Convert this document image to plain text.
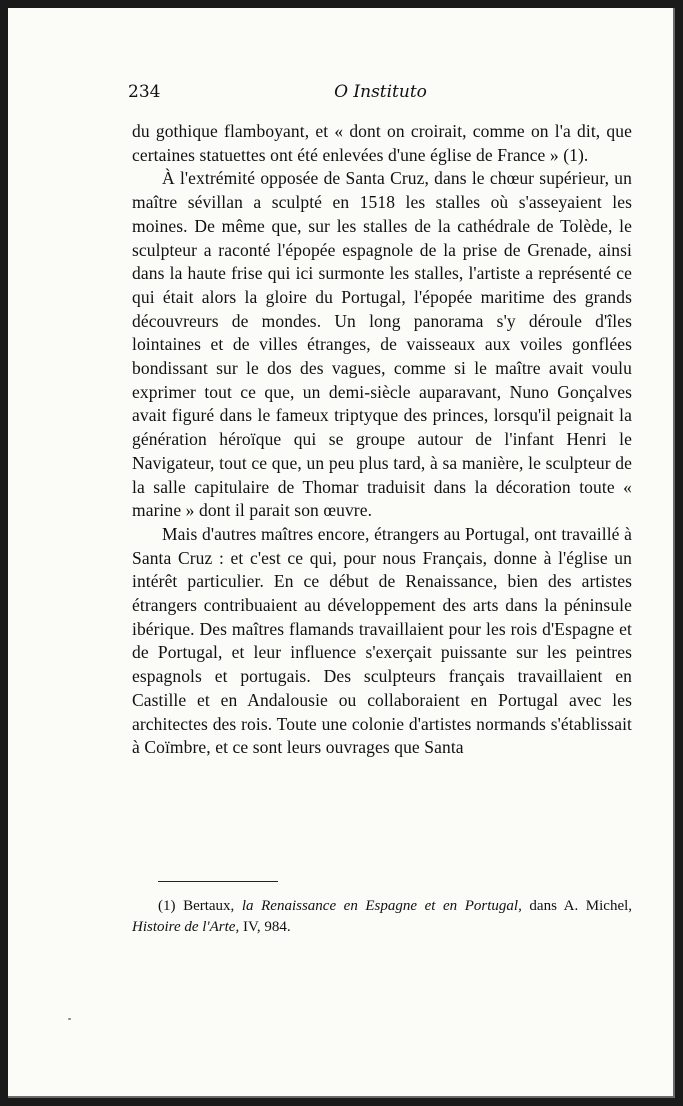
234	O Instituto

du gothique flamboyant, et « dont on croirait, comme on l'a dit, que certaines statuettes ont été enlevées d'une église de France » (1).

À l'extrémité opposée de Santa Cruz, dans le chœur supérieur, un maître sévillan a sculpté en 1518 les stalles où s'asseyaient les moines. De même que, sur les stalles de la cathédrale de Tolède, le sculpteur a raconté l'épopée espagnole de la prise de Grenade, ainsi dans la haute frise qui ici surmonte les stalles, l'artiste a représenté ce qui était alors la gloire du Portugal, l'épopée maritime des grands découvreurs de mondes. Un long panorama s'y déroule d'îles lointaines et de villes étranges, de vaisseaux aux voiles gonflées bondissant sur le dos des vagues, comme si le maître avait voulu exprimer tout ce que, un demi-siècle auparavant, Nuno Gonçalves avait figuré dans le fameux triptyque des princes, lorsqu'il peignait la génération héroïque qui se groupe autour de l'infant Henri le Navigateur, tout ce que, un peu plus tard, à sa manière, le sculpteur de la salle capitulaire de Thomar traduisit dans la décoration toute « marine » dont il parait son œuvre.

Mais d'autres maîtres encore, étrangers au Portugal, ont travaillé à Santa Cruz : et c'est ce qui, pour nous Français, donne à l'église un intérêt particulier. En ce début de Renaissance, bien des artistes étrangers contribuaient au développement des arts dans la péninsule ibérique. Des maîtres flamands travaillaient pour les rois d'Espagne et de Portugal, et leur influence s'exerçait puissante sur les peintres espagnols et portugais. Des sculpteurs français travaillaient en Castille et en Andalousie ou collaboraient en Portugal avec les architectes des rois. Toute une colonie d'artistes normands s'établissait à Coïmbre, et ce sont leurs ouvrages que Santa

(1) Bertaux, la Renaissance en Espagne et en Portugal, dans A. Michel, Histoire de l'Arte, IV, 984.
